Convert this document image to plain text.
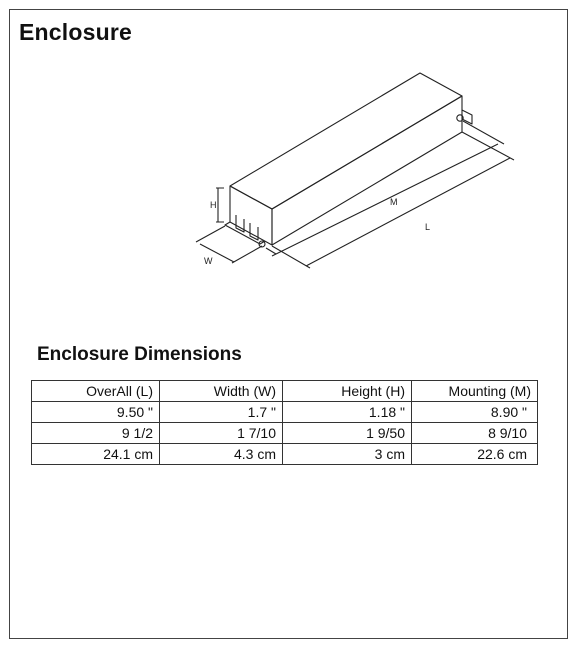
Enclosure
H	M
L
W
Enclosure Dimensions
OverAll (L)	Width (W)	Height (H)	Mounting (M)
9.50 "	1.7 "	1.18 "	8.90 "
9 1/2	1 7/10	1 9/50	8 9/10
24.1 cm	4.3 cm	3 cm	22.6 cm
